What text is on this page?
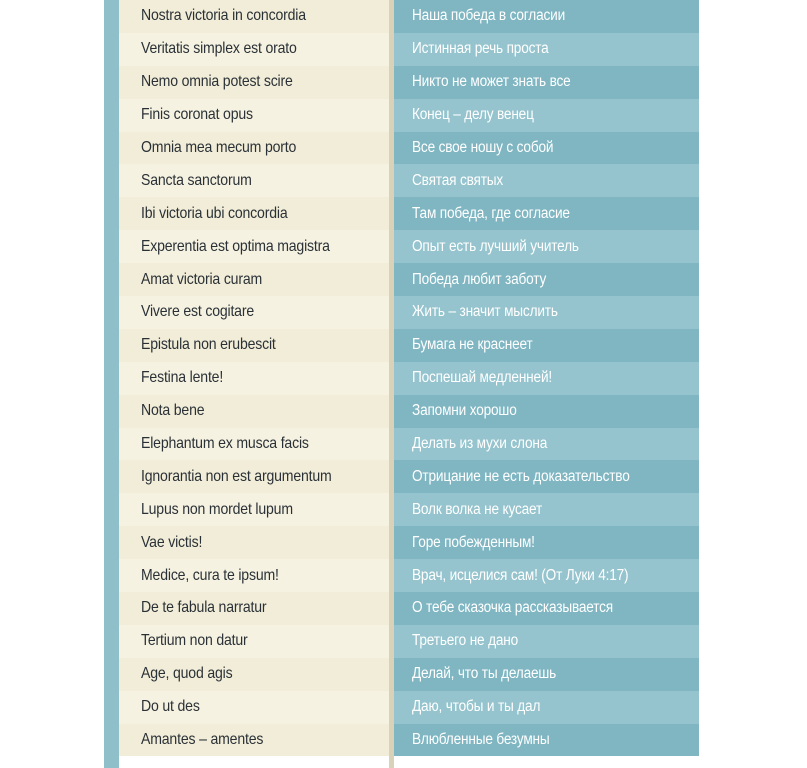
Nostra victoria in concordia
Veritatis simplex est orato
Nemo omnia potest scire
Finis coronat opus
Omnia mea mecum porto
Sancta sanctorum
Ibi victoria ubi concordia
Experentia est optima magistra
Amat victoria curam
Vivere est cogitare
Epistula non erubescit
Festina lente!
Nota bene
Elephantum ex musca facis
Ignorantia non est argumentum
Lupus non mordet lupum
Vae victis!
Medice, cura te ipsum!
De te fabula narratur
Tertium non datur
Age, quod agis
Do ut des
Amantes – amentes
Наша победа в согласии
Истинная речь проста
Никто не может знать все
Конец – делу венец
Все свое ношу с собой
Святая святых
Там победа, где согласие
Опыт есть лучший учитель
Победа любит заботу
Жить – значит мыслить
Бумага не краснеет
Поспешай медленней!
Запомни хорошо
Делать из мухи слона
Отрицание не есть доказательство
Волк волка не кусает
Горе побежденным!
Врач, исцелися сам! (От Луки 4:17)
О тебе сказочка рассказывается
Третьего не дано
Делай, что ты делаешь
Даю, чтобы и ты дал
Влюбленные безумны
